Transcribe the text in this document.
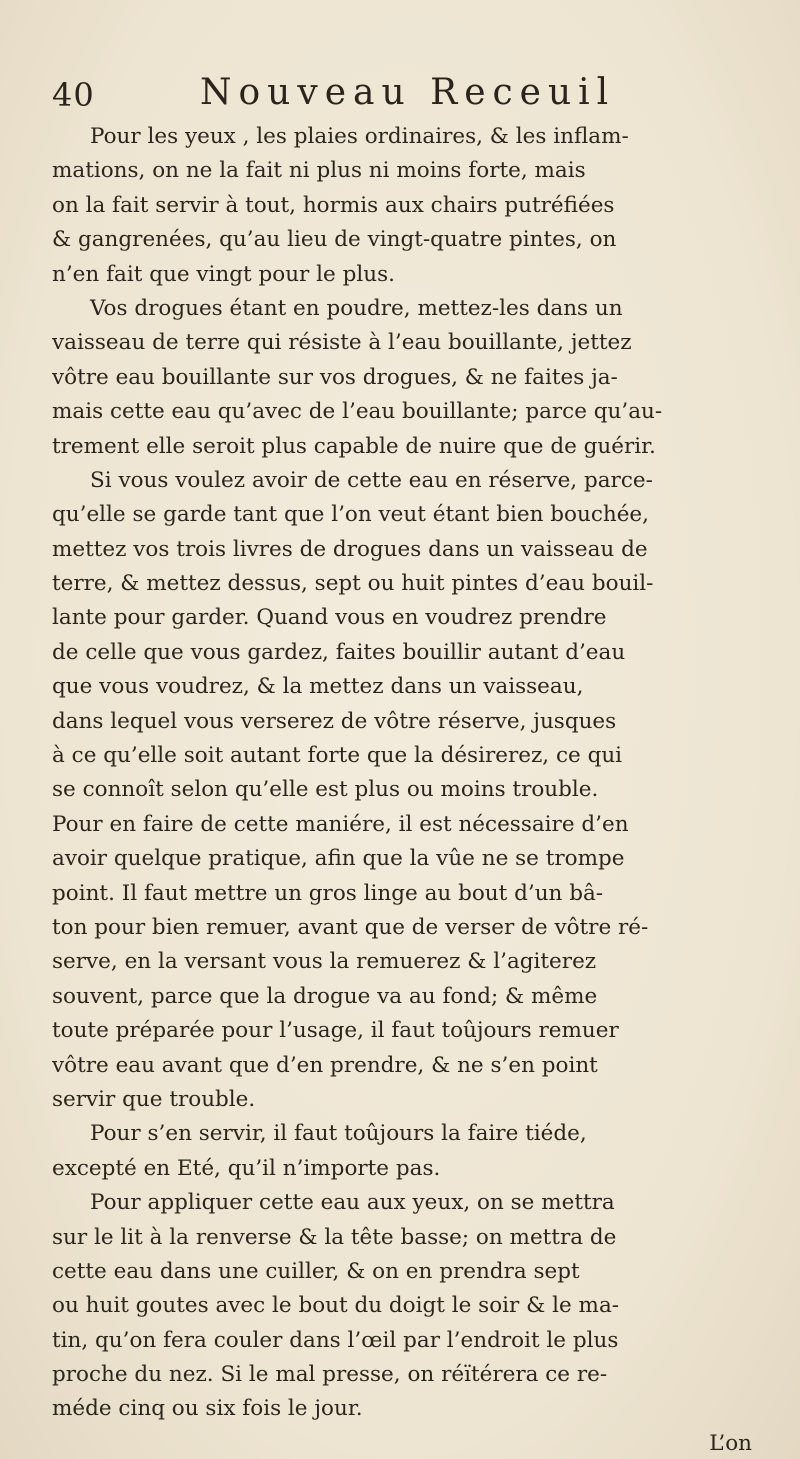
40	Nouveau Receuil
Pour les yeux , les plaies ordinaires, & les inflam-
mations, on ne la fait ni plus ni moins forte, mais
on la fait servir à tout, hormis aux chairs putréfiées
& gangrenées, qu’au lieu de vingt-quatre pintes, on
n’en fait que vingt pour le plus.
Vos drogues étant en poudre, mettez-les dans un
vaisseau de terre qui résiste à l’eau bouillante, jettez
vôtre eau bouillante sur vos drogues, & ne faites ja-
mais cette eau qu’avec de l’eau bouillante; parce qu’au-
trement elle seroit plus capable de nuire que de guérir.
Si vous voulez avoir de cette eau en réserve, parce-
qu’elle se garde tant que l’on veut étant bien bouchée,
mettez vos trois livres de drogues dans un vaisseau de
terre, & mettez dessus, sept ou huit pintes d’eau bouil-
lante pour garder. Quand vous en voudrez prendre
de celle que vous gardez, faites bouillir autant d’eau
que vous voudrez, & la mettez dans un vaisseau,
dans lequel vous verserez de vôtre réserve, jusques
à ce qu’elle soit autant forte que la désirerez, ce qui
se connoît selon qu’elle est plus ou moins trouble.
Pour en faire de cette maniére, il est nécessaire d’en
avoir quelque pratique, afin que la vûe ne se trompe
point. Il faut mettre un gros linge au bout d’un bâ-
ton pour bien remuer, avant que de verser de vôtre ré-
serve, en la versant vous la remuerez & l’agiterez
souvent, parce que la drogue va au fond; & même
toute préparée pour l’usage, il faut toûjours remuer
vôtre eau avant que d’en prendre, & ne s’en point
servir que trouble.
Pour s’en servir, il faut toûjours la faire tiéde,
excepté en Eté, qu’il n’importe pas.
Pour appliquer cette eau aux yeux, on se mettra
sur le lit à la renverse & la tête basse; on mettra de
cette eau dans une cuiller, & on en prendra sept
ou huit goutes avec le bout du doigt le soir & le ma-
tin, qu’on fera couler dans l’œil par l’endroit le plus
proche du nez. Si le mal presse, on réïtérera ce re-
méde cinq ou six fois le jour.
L’on
